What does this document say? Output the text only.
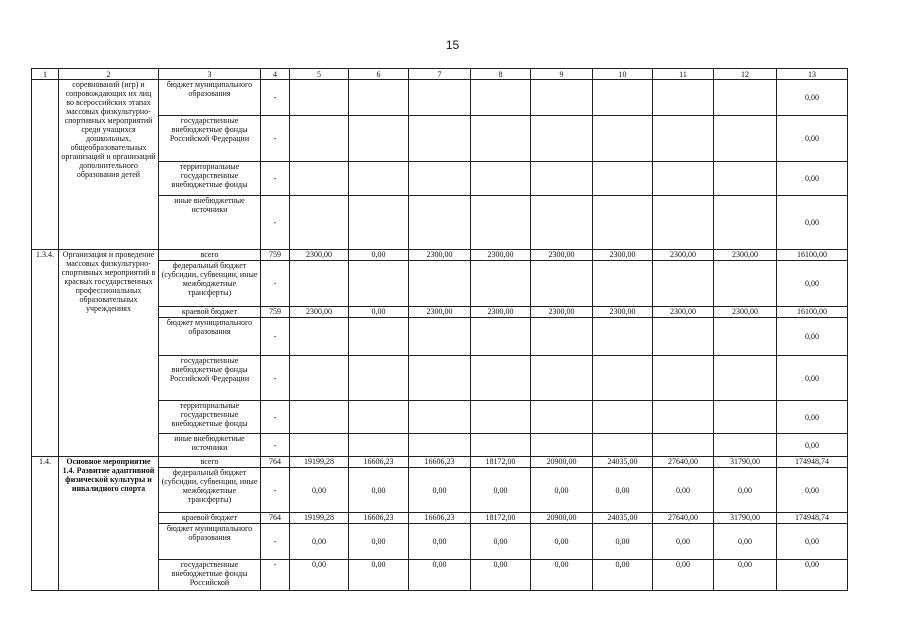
15
1	2	3	4	5	6	7	8	9	10	11	12	13
	соревнований (игр) и сопровождающих их лиц во всероссийских этапах массовых физкультурно-спортивных мероприятий среди учащихся дошкольных, общеобразовательных организаций и организаций дополнительного образования детей	бюджет муниципального образования	-									0,00
		государственные внебюджетные фонды Российской Федерации	-									0,00
		территориальные государственные внебюджетные фонды	-									0,00
		иные внебюджетные источники	-									0,00
1.3.4.	Организация и проведение массовых физкультурно-спортивных мероприятий в красвых государственных профессиональных образовательных учреждениях	всего	759	2300,00	0,00	2300,00	2300,00	2300,00	2300,00	2300,00	2300,00	16100,00
		федеральный бюджет (субсидии, субвенции, иные межбюджетные трансферты)	-									0,00
		краевой бюджет	759	2300,00	0,00	2300,00	2300,00	2300,00	2300,00	2300,00	2300,00	16100,00
		бюджет муниципального образования	-									0,00
		государственные внебюджетные фонды Российской Федерации	-									0,00
		территориальные государственные внебюджетные фонды	-									0,00
		иные внебюджетные источники	-									0,00
1.4.	Основное мероприятие 1.4. Развитие адаптивной физической культуры и инвалидного спорта	всего	764	19199,28	16606,23	16606,23	18172,00	20900,00	24035,00	27640,00	31790,00	174948,74
		федеральный бюджет (субсидии, субвенции, иные межбюджетные трансферты)	-	0,00	0,00	0,00	0,00	0,00	0,00	0,00	0,00	0,00
		краевой бюджет	764	19199,28	16606,23	16606,23	18172,00	20900,00	24035,00	27640,00	31790,00	174948,74
		бюджет муниципального образования	-	0,00	0,00	0,00	0,00	0,00	0,00	0,00	0,00	0,00
		государственные внебюджетные фонды Российской	-	0,00	0,00	0,00	0,00	0,00	0,00	0,00	0,00	0,00
